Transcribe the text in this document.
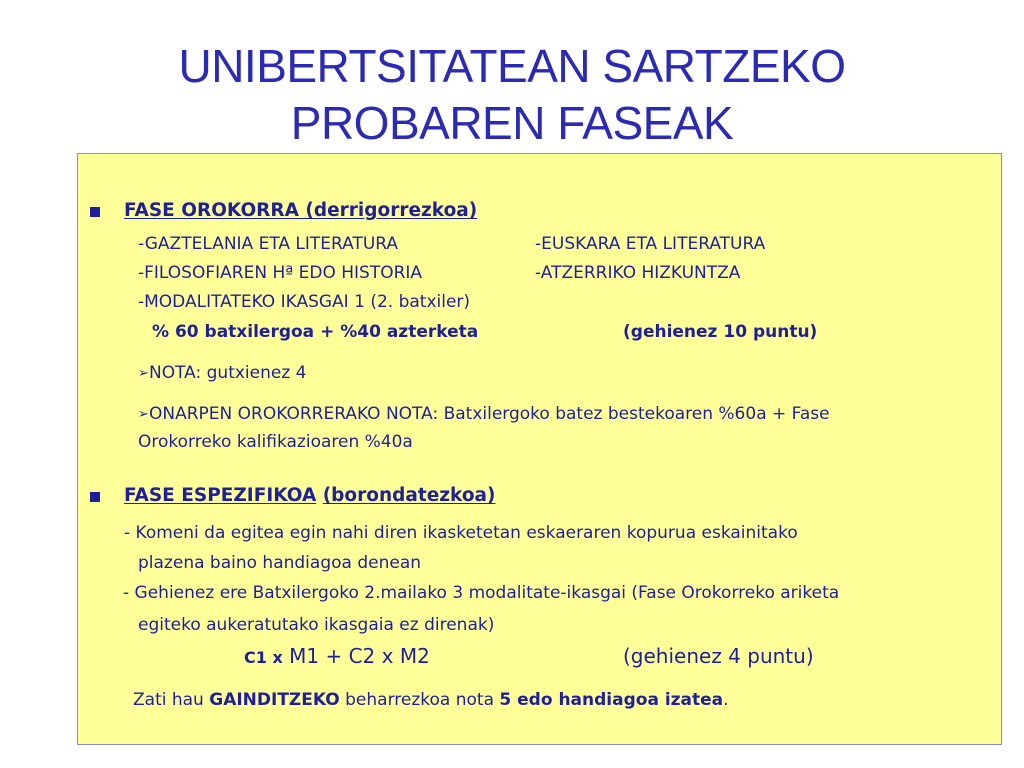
UNIBERTSITATEAN SARTZEKO
PROBAREN FASEAK
FASE OROKORRA (derrigorrezkoa)
-GAZTELANIA ETA LITERATURA	-EUSKARA ETA LITERATURA
-FILOSOFIAREN Hª EDO HISTORIA	-ATZERRIKO HIZKUNTZA
-MODALITATEKO IKASGAI 1 (2. batxiler)
% 60 batxilergoa + %40 azterketa	(gehienez 10 puntu)
➢NOTA: gutxienez 4
➢ONARPEN OROKORRERAKO NOTA: Batxilergoko batez bestekoaren %60a + Fase
Orokorreko kalifikazioaren %40a
FASE ESPEZIFIKOA (borondatezkoa)
- Komeni da egitea egin nahi diren ikasketetan eskaeraren kopurua eskainitako
plazena baino handiagoa denean
- Gehienez ere Batxilergoko 2.mailako 3 modalitate-ikasgai (Fase Orokorreko ariketa
egiteko aukeratutako ikasgaia ez direnak)
C1 x M1 + C2 x M2	(gehienez 4 puntu)
Zati hau GAINDITZEKO beharrezkoa nota 5 edo handiagoa izatea.
